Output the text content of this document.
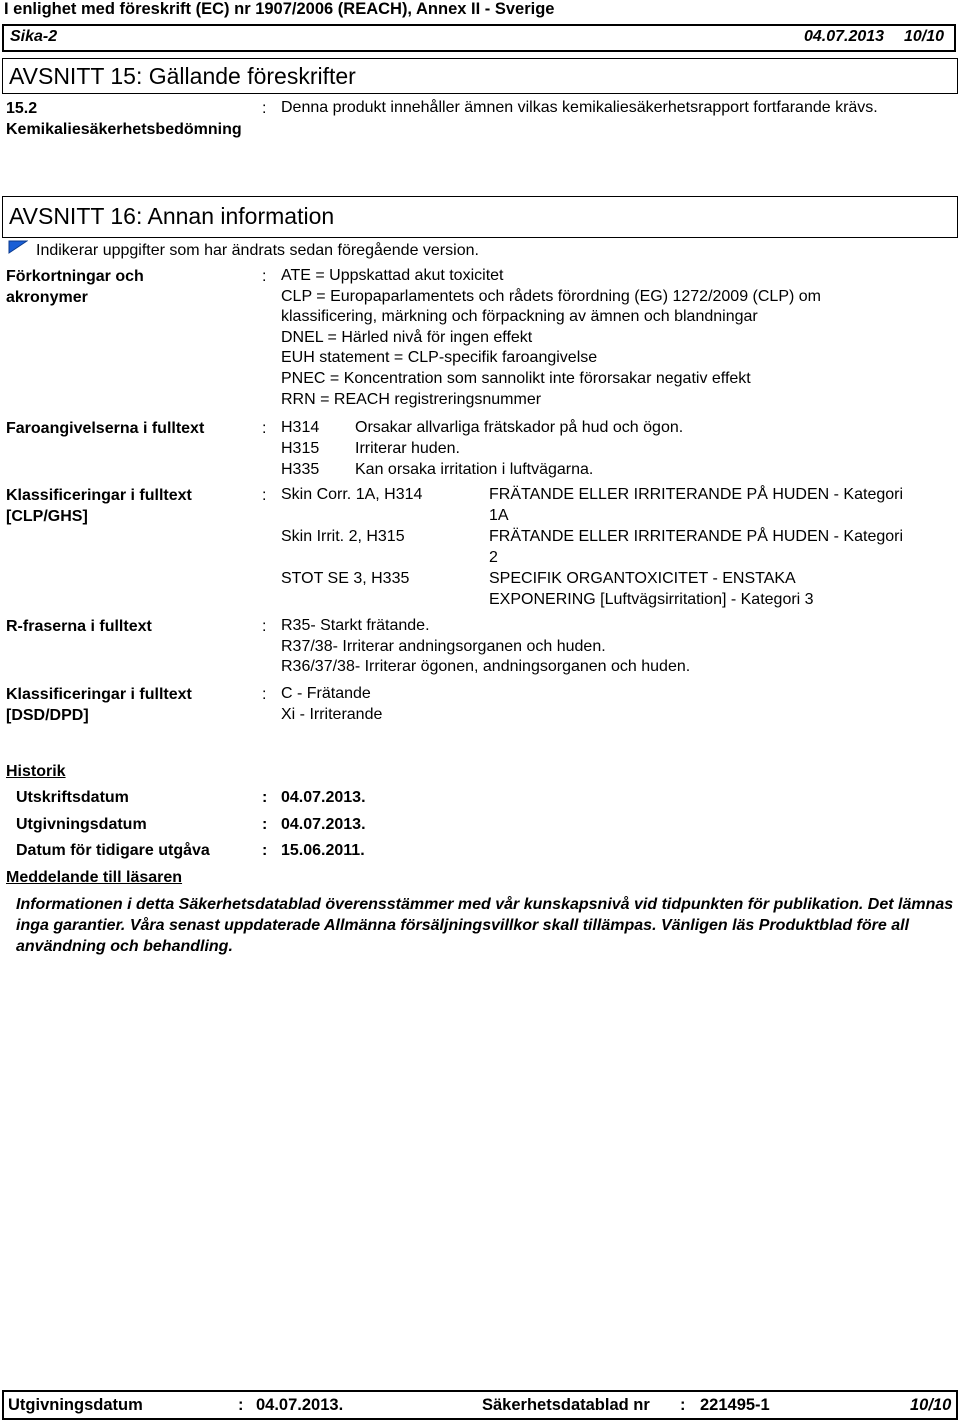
I enlighet med föreskrift (EC) nr 1907/2006 (REACH), Annex II - Sverige
Sika-2	04.07.2013 10/10
AVSNITT 15: Gällande föreskrifter
15.2
Kemikaliesäkerhetsbedömning
: Denna produkt innehåller ämnen vilkas kemikaliesäkerhetsrapport fortfarande krävs.
AVSNITT 16: Annan information
Indikerar uppgifter som har ändrats sedan föregående version.
Förkortningar och
akronymer
: ATE = Uppskattad akut toxicitet
CLP = Europaparlamentets och rådets förordning (EG) 1272/2009 (CLP) om
klassificering, märkning och förpackning av ämnen och blandningar
DNEL = Härled nivå för ingen effekt
EUH statement = CLP-specifik faroangivelse
PNEC = Koncentration som sannolikt inte förorsakar negativ effekt
RRN = REACH registreringsnummer
Faroangivelserna i fulltext	: H314 Orsakar allvarliga frätskador på hud och ögon.
H315 Irriterar huden.
H335 Kan orsaka irritation i luftvägarna.
Klassificeringar i fulltext
[CLP/GHS]
: Skin Corr. 1A, H314	FRÄTANDE ELLER IRRITERANDE PÅ HUDEN - Kategori
1A
Skin Irrit. 2, H315	FRÄTANDE ELLER IRRITERANDE PÅ HUDEN - Kategori
2
STOT SE 3, H335	SPECIFIK ORGANTOXICITET - ENSTAKA
EXPONERING [Luftvägsirritation] - Kategori 3
R-fraserna i fulltext	: R35- Starkt frätande.
R37/38- Irriterar andningsorganen och huden.
R36/37/38- Irriterar ögonen, andningsorganen och huden.
Klassificeringar i fulltext
[DSD/DPD]
: C - Frätande
Xi - Irriterande
Historik
Utskriftsdatum	: 04.07.2013.
Utgivningsdatum	: 04.07.2013.
Datum för tidigare utgåva	: 15.06.2011.
Meddelande till läsaren
Informationen i detta Säkerhetsdatablad överensstämmer med vår kunskapsnivå vid tidpunkten för publikation. Det lämnas inga garantier. Våra senast uppdaterade Allmänna försäljningsvillkor skall tillämpas. Vänligen läs Produktblad före all användning och behandling.
Utgivningsdatum	: 04.07.2013.	Säkerhetsdatablad nr : 221495-1	10/10
